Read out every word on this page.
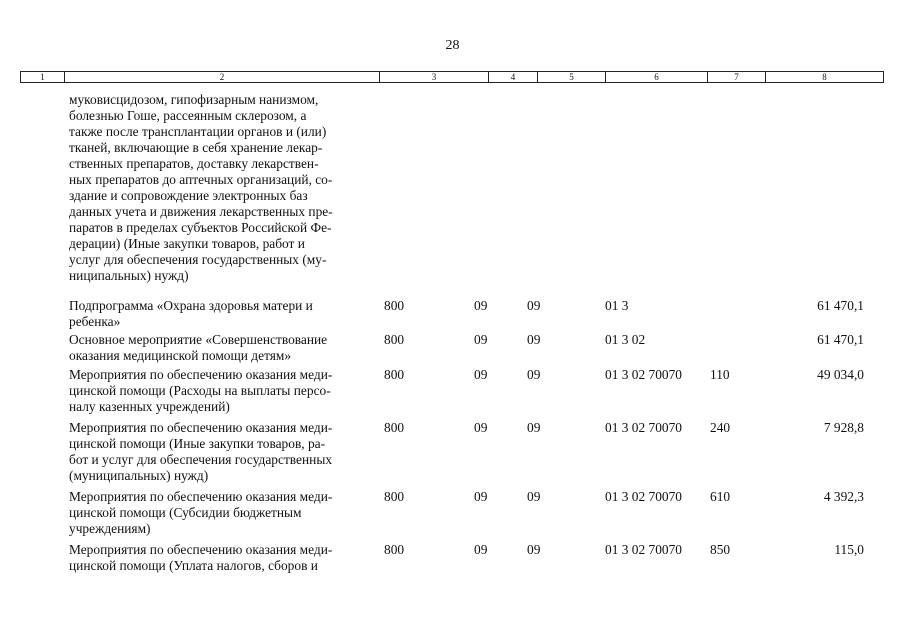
28
1	2	3	4	5	6	7	8
муковисцидозом, гипофизарным нанизмом,
болезнью Гоше, рассеянным склерозом, а
также после трансплантации органов и (или)
тканей, включающие в себя хранение лекар-
ственных препаратов, доставку лекарствен-
ных препаратов до аптечных организаций, со-
здание и сопровождение электронных баз
данных учета и движения лекарственных пре-
паратов в пределах субъектов Российской Фе-
дерации) (Иные закупки товаров, работ и
услуг для обеспечения государственных (му-
ниципальных) нужд)
Подпрограмма «Охрана здоровья матери и
ребенка»
800	09	09	01 3	61 470,1
Основное мероприятие «Совершенствование
оказания медицинской помощи детям»
800	09	09	01 3 02	61 470,1
Мероприятия по обеспечению оказания меди-
цинской помощи (Расходы на выплаты персо-
налу казенных учреждений)
800	09	09	01 3 02 70070 110	49 034,0
Мероприятия по обеспечению оказания меди-
цинской помощи (Иные закупки товаров, ра-
бот и услуг для обеспечения государственных
(муниципальных) нужд)
800	09	09	01 3 02 70070 240	7 928,8
Мероприятия по обеспечению оказания меди-
цинской помощи (Субсидии бюджетным
учреждениям)
800	09	09	01 3 02 70070 610	4 392,3
Мероприятия по обеспечению оказания меди-
цинской помощи (Уплата налогов, сборов и
800	09	09	01 3 02 70070 850	115,0
